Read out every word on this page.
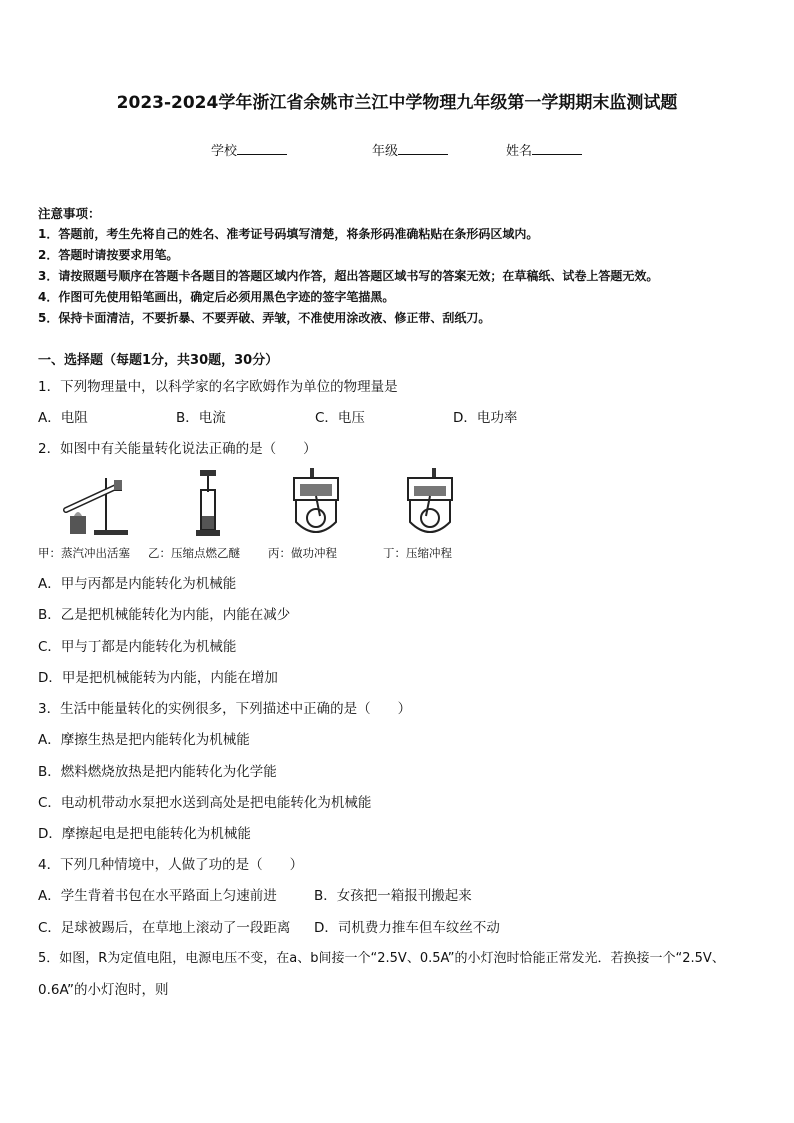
2023-2024学年浙江省余姚市兰江中学物理九年级第一学期期末监测试题
学校	年级	姓名
注意事项：
1．答题前，考生先将自己的姓名、准考证号码填写清楚，将条形码准确粘贴在条形码区域内。
2．答题时请按要求用笔。
3．请按照题号顺序在答题卡各题目的答题区域内作答，超出答题区域书写的答案无效；在草稿纸、试卷上答题无效。
4．作图可先使用铅笔画出，确定后必须用黑色字迹的签字笔描黑。
5．保持卡面清洁，不要折暴、不要弄破、弄皱，不准使用涂改液、修正带、刮纸刀。
一、选择题（每题1分，共30题，30分）
1．下列物理量中，以科学家的名字欧姆作为单位的物理量是
A．电阻	B．电流	C．电压	D．电功率
2．如图中有关能量转化说法正确的是（　　）
甲：蒸汽冲出活塞 乙：压缩点燃乙醚 丙：做功冲程	丁：压缩冲程
A．甲与丙都是内能转化为机械能
B．乙是把机械能转化为内能，内能在减少
C．甲与丁都是内能转化为机械能
D．甲是把机械能转为内能，内能在增加
3．生活中能量转化的实例很多，下列描述中正确的是（　　）
A．摩擦生热是把内能转化为机械能
B．燃料燃烧放热是把内能转化为化学能
C．电动机带动水泵把水送到高处是把电能转化为机械能
D．摩擦起电是把电能转化为机械能
4．下列几种情境中，人做了功的是（　　）
A．学生背着书包在水平路面上匀速前进	B．女孩把一箱报刊搬起来
C．足球被踢后，在草地上滚动了一段距离 D．司机费力推车但车纹丝不动
5．如图，R为定值电阻，电源电压不变，在a、b间接一个“2.5V、0.5A”的小灯泡时恰能正常发光．若换接一个“2.5V、
0.6A”的小灯泡时，则
